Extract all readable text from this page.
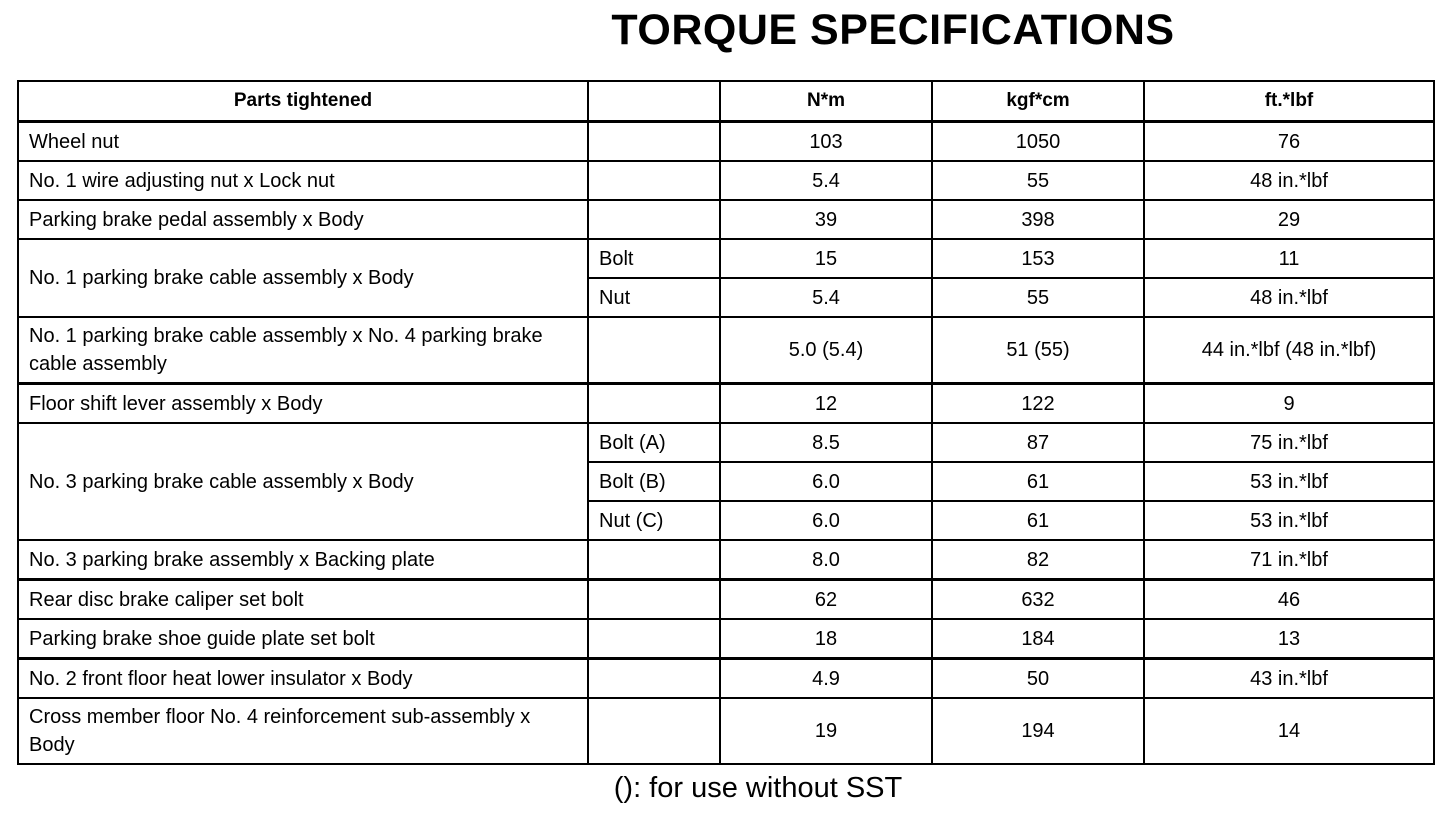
TORQUE SPECIFICATIONS
Parts tightened		N*m	kgf*cm	ft.*lbf
Wheel nut		103	1050	76
No. 1 wire adjusting nut x Lock nut		5.4	55	48 in.*lbf
Parking brake pedal assembly x Body		39	398	29
No. 1 parking brake cable assembly x Body	Bolt	15	153	11
	Nut	5.4	55	48 in.*lbf
No. 1 parking brake cable assembly x No. 4 parking brake cable assembly		5.0 (5.4)	51 (55)	44 in.*lbf (48 in.*lbf)
Floor shift lever assembly x Body		12	122	9
No. 3 parking brake cable assembly x Body	Bolt (A)	8.5	87	75 in.*lbf
	Bolt (B)	6.0	61	53 in.*lbf
	Nut (C)	6.0	61	53 in.*lbf
No. 3 parking brake assembly x Backing plate		8.0	82	71 in.*lbf
Rear disc brake caliper set bolt		62	632	46
Parking brake shoe guide plate set bolt		18	184	13
No. 2 front floor heat lower insulator x Body		4.9	50	43 in.*lbf
Cross member floor No. 4 reinforcement sub-assembly x Body		19	194	14

(): for use without SST
